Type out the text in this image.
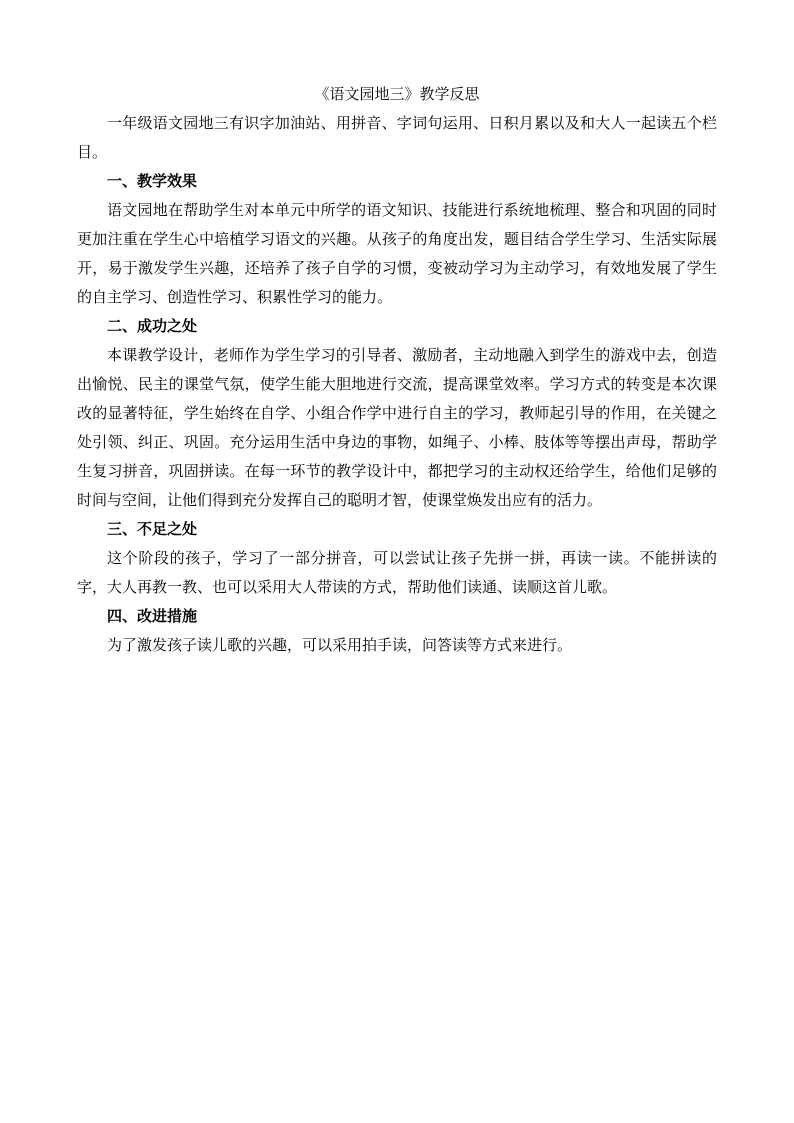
《语文园地三》教学反思

一年级语文园地三有识字加油站、用拼音、字词句运用、日积月累以及和大人一起读五个栏目。

一、教学效果

语文园地在帮助学生对本单元中所学的语文知识、技能进行系统地梳理、整合和巩固的同时更加注重在学生心中培植学习语文的兴趣。从孩子的角度出发，题目结合学生学习、生活实际展开，易于激发学生兴趣，还培养了孩子自学的习惯，变被动学习为主动学习，有效地发展了学生的自主学习、创造性学习、积累性学习的能力。

二、成功之处

本课教学设计，老师作为学生学习的引导者、激励者，主动地融入到学生的游戏中去，创造出愉悦、民主的课堂气氛，使学生能大胆地进行交流，提高课堂效率。学习方式的转变是本次课改的显著特征，学生始终在自学、小组合作学中进行自主的学习，教师起引导的作用，在关键之处引领、纠正、巩固。充分运用生活中身边的事物，如绳子、小棒、肢体等等摆出声母，帮助学生复习拼音，巩固拼读。在每一环节的教学设计中，都把学习的主动权还给学生，给他们足够的时间与空间，让他们得到充分发挥自己的聪明才智，使课堂焕发出应有的活力。

三、不足之处

这个阶段的孩子，学习了一部分拼音，可以尝试让孩子先拼一拼，再读一读。不能拼读的字，大人再教一教、也可以采用大人带读的方式，帮助他们读通、读顺这首儿歌。

四、改进措施

为了激发孩子读儿歌的兴趣，可以采用拍手读，问答读等方式来进行。
